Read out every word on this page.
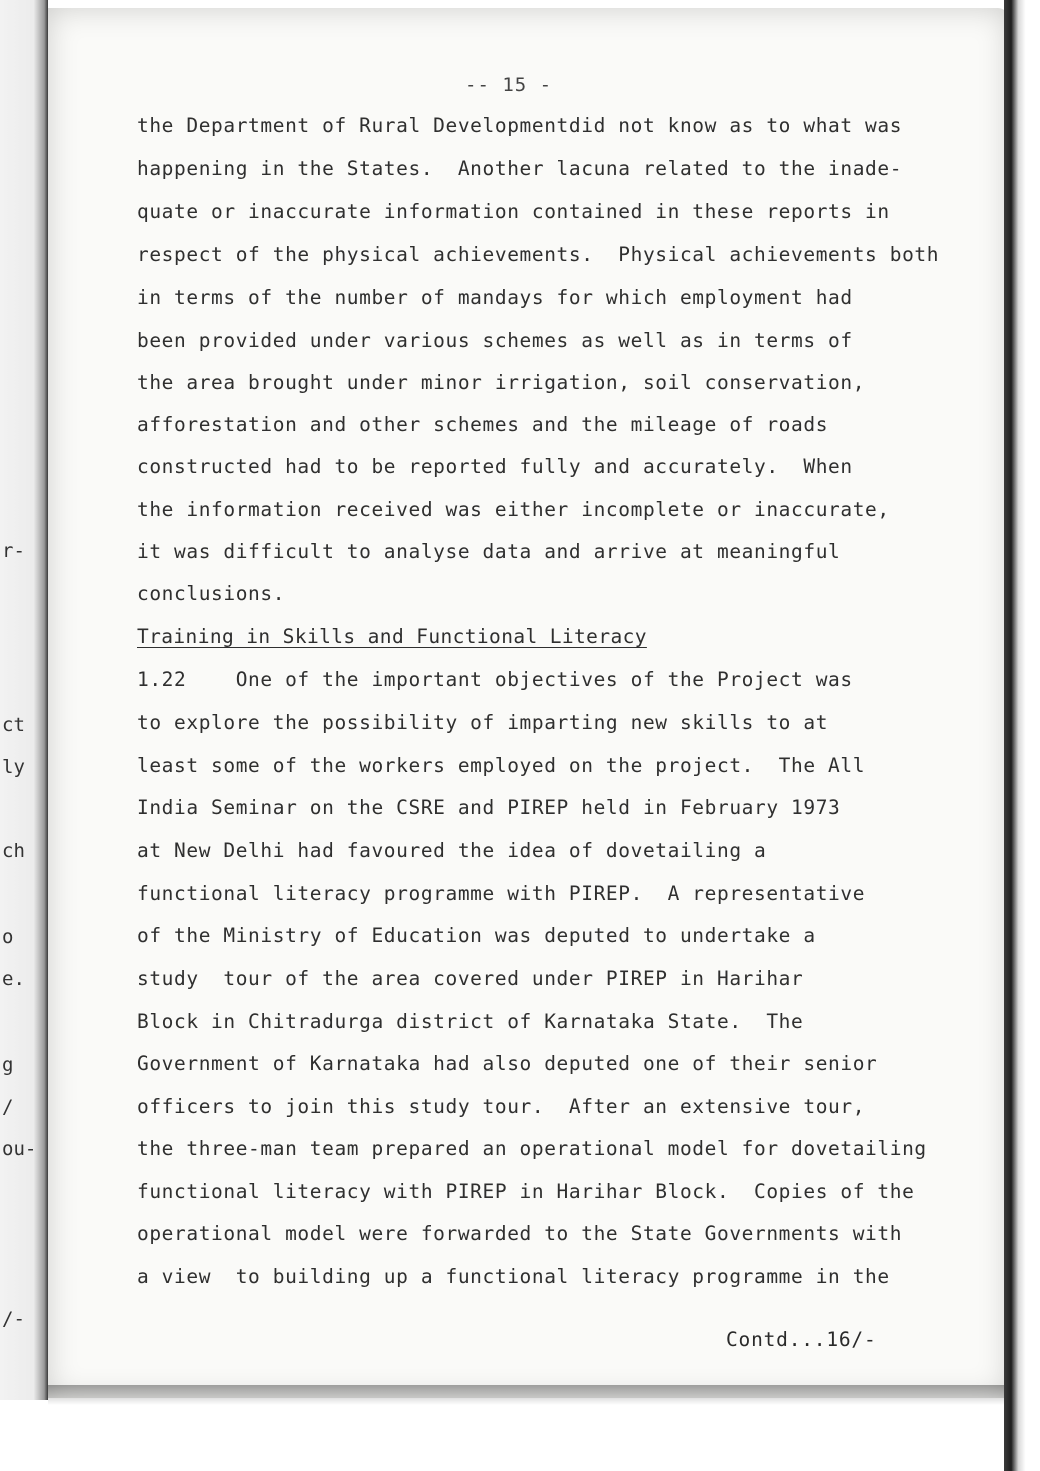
r-
ct
ly
ch
o
e.
g
/
ou-
/-
-- 15 -
the Department of Rural Developmentdid not know as to what was
happening in the States.  Another lacuna related to the inade-
quate or inaccurate information contained in these reports in
respect of the physical achievements.  Physical achievements both
in terms of the number of mandays for which employment had
been provided under various schemes as well as in terms of
the area brought under minor irrigation, soil conservation,
afforestation and other schemes and the mileage of roads
constructed had to be reported fully and accurately.  When
the information received was either incomplete or inaccurate,
it was difficult to analyse data and arrive at meaningful
conclusions.
Training in Skills and Functional Literacy
1.22    One of the important objectives of the Project was
to explore the possibility of imparting new skills to at
least some of the workers employed on the project.  The All
India Seminar on the CSRE and PIREP held in February 1973
at New Delhi had favoured the idea of dovetailing a
functional literacy programme with PIREP.  A representative
of the Ministry of Education was deputed to undertake a
study  tour of the area covered under PIREP in Harihar
Block in Chitradurga district of Karnataka State.  The
Government of Karnataka had also deputed one of their senior
officers to join this study tour.  After an extensive tour,
the three-man team prepared an operational model for dovetailing
functional literacy with PIREP in Harihar Block.  Copies of the
operational model were forwarded to the State Governments with
a view  to building up a functional literacy programme in the
Contd...16/-
